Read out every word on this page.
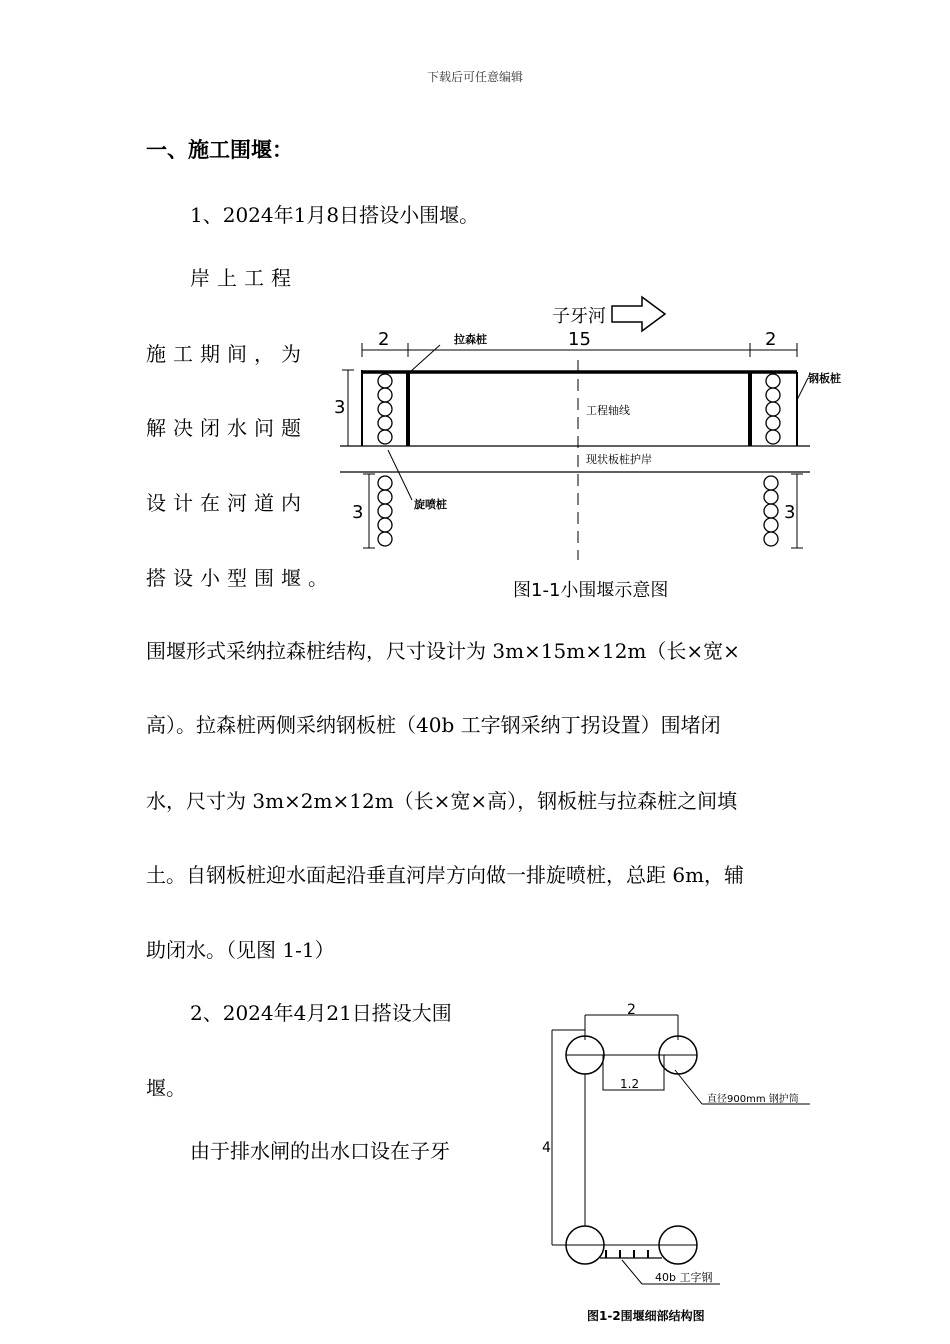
下载后可任意编辑
一、施工围堰：
1、2024年1月8日搭设小围堰。
岸上工程
施工期间，为
解决闭水问题
设计在河道内
搭设小型围堰。
围堰形式采纳拉森桩结构，尺寸设计为 3m×15m×12m（长×宽×
高）。拉森桩两侧采纳钢板桩（40b 工字钢采纳丁拐设置）围堵闭
水，尺寸为 3m×2m×12m（长×宽×高），钢板桩与拉森桩之间填
土。自钢板桩迎水面起沿垂直河岸方向做一排旋喷桩，总距 6m，辅
助闭水。（见图 1-1）
2、2024年4月21日搭设大围
堰。
由于排水闸的出水口设在子牙
子牙河
2	15	2
拉森桩
钢板桩
工程轴线
现状板桩护岸
旋喷桩
3
3	3
图1-1小围堰示意图
2
1.2
4
直径900mm 钢护筒
40b 工字钢
图1-2围堰细部结构图
